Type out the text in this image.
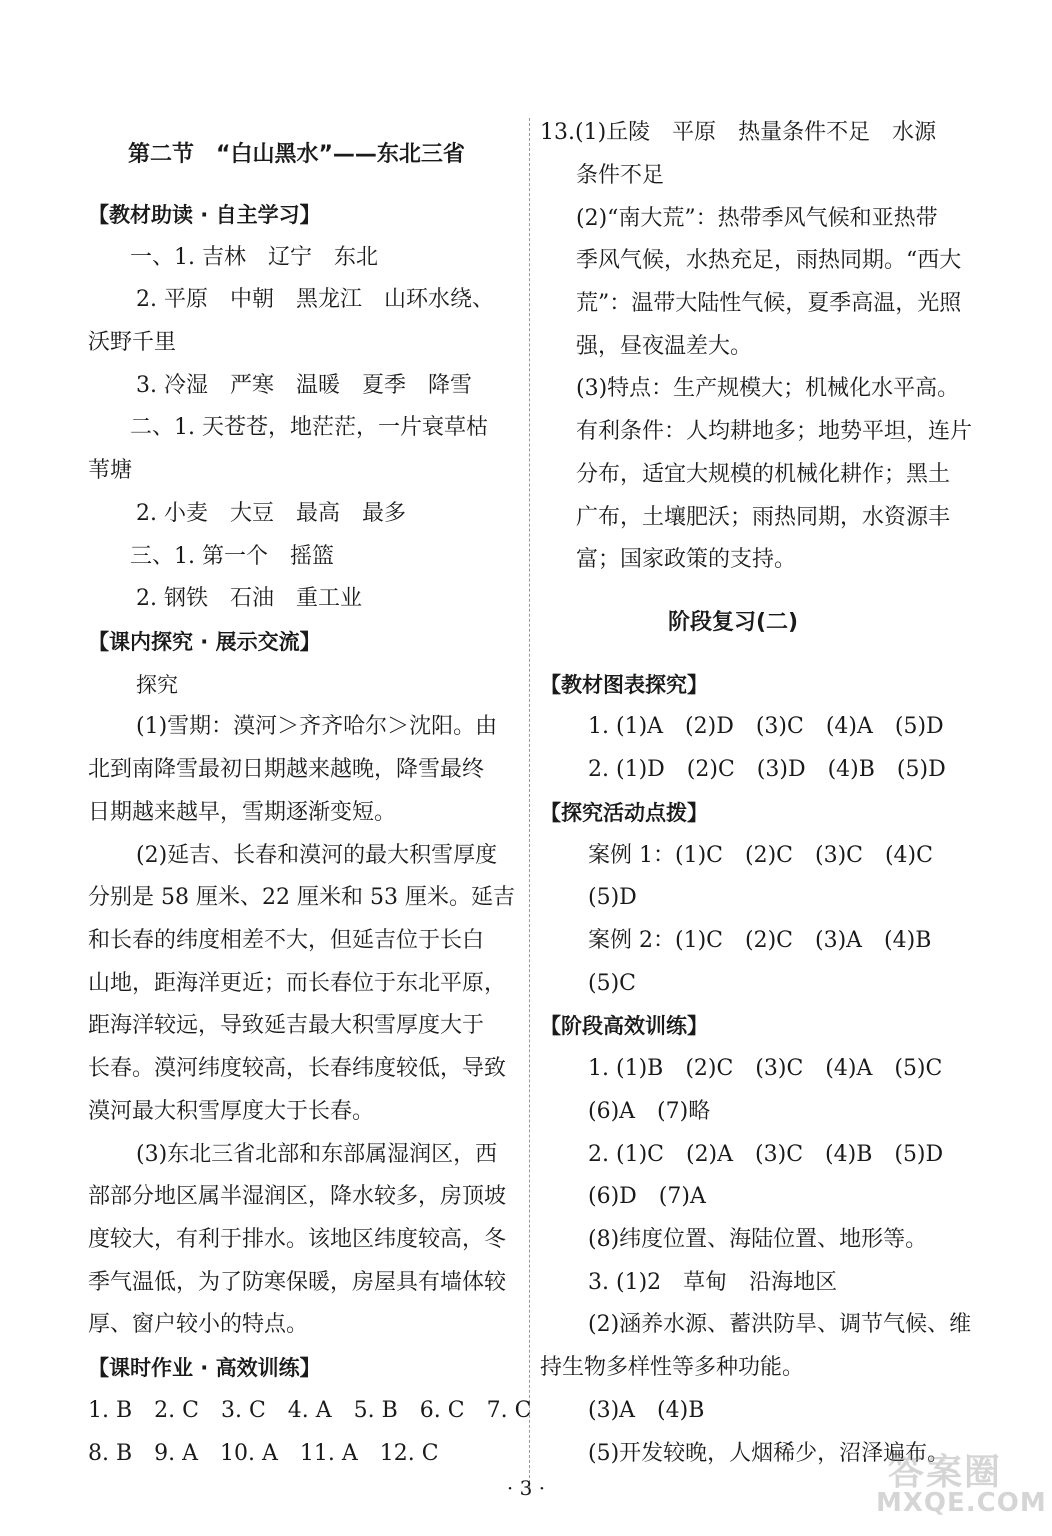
第二节　“白山黑水”——东北三省
【教材助读 · 自主学习】
一、1. 吉林　辽宁　东北
2. 平原　中朝　黑龙江　山环水绕、
沃野千里
3. 冷湿　严寒　温暖　夏季　降雪
二、1. 天苍苍，地茫茫，一片衰草枯
苇塘
2. 小麦　大豆　最高　最多
三、1. 第一个　摇篮
2. 钢铁　石油　重工业
【课内探究 · 展示交流】
探究
(1)雪期：漠河＞齐齐哈尔＞沈阳。由
北到南降雪最初日期越来越晚，降雪最终
日期越来越早，雪期逐渐变短。
(2)延吉、长春和漠河的最大积雪厚度
分别是 58 厘米、22 厘米和 53 厘米。延吉
和长春的纬度相差不大，但延吉位于长白
山地，距海洋更近；而长春位于东北平原，
距海洋较远，导致延吉最大积雪厚度大于
长春。漠河纬度较高，长春纬度较低，导致
漠河最大积雪厚度大于长春。
(3)东北三省北部和东部属湿润区，西
部部分地区属半湿润区，降水较多，房顶坡
度较大，有利于排水。该地区纬度较高，冬
季气温低，为了防寒保暖，房屋具有墙体较
厚、窗户较小的特点。
【课时作业 · 高效训练】
1. B　2. C　3. C　4. A　5. B　6. C　7. C
8. B　9. A　10. A　11. A　12. C
13.(1)丘陵　平原　热量条件不足　水源
条件不足
(2)“南大荒”：热带季风气候和亚热带
季风气候，水热充足，雨热同期。“西大
荒”：温带大陆性气候，夏季高温，光照
强，昼夜温差大。
(3)特点：生产规模大；机械化水平高。
有利条件：人均耕地多；地势平坦，连片
分布，适宜大规模的机械化耕作；黑土
广布，土壤肥沃；雨热同期，水资源丰
富；国家政策的支持。
阶段复习(二)
【教材图表探究】
1. (1)A　(2)D　(3)C　(4)A　(5)D
2. (1)D　(2)C　(3)D　(4)B　(5)D
【探究活动点拨】
案例 1：(1)C　(2)C　(3)C　(4)C
(5)D
案例 2：(1)C　(2)C　(3)A　(4)B
(5)C
【阶段高效训练】
1. (1)B　(2)C　(3)C　(4)A　(5)C
(6)A　(7)略
2. (1)C　(2)A　(3)C　(4)B　(5)D
(6)D　(7)A
(8)纬度位置、海陆位置、地形等。
3. (1)2　草甸　沿海地区
(2)涵养水源、蓄洪防旱、调节气候、维
持生物多样性等多种功能。
(3)A　(4)B
(5)开发较晚，人烟稀少，沼泽遍布。
· 3 ·	答案圈
MXQE.COM
